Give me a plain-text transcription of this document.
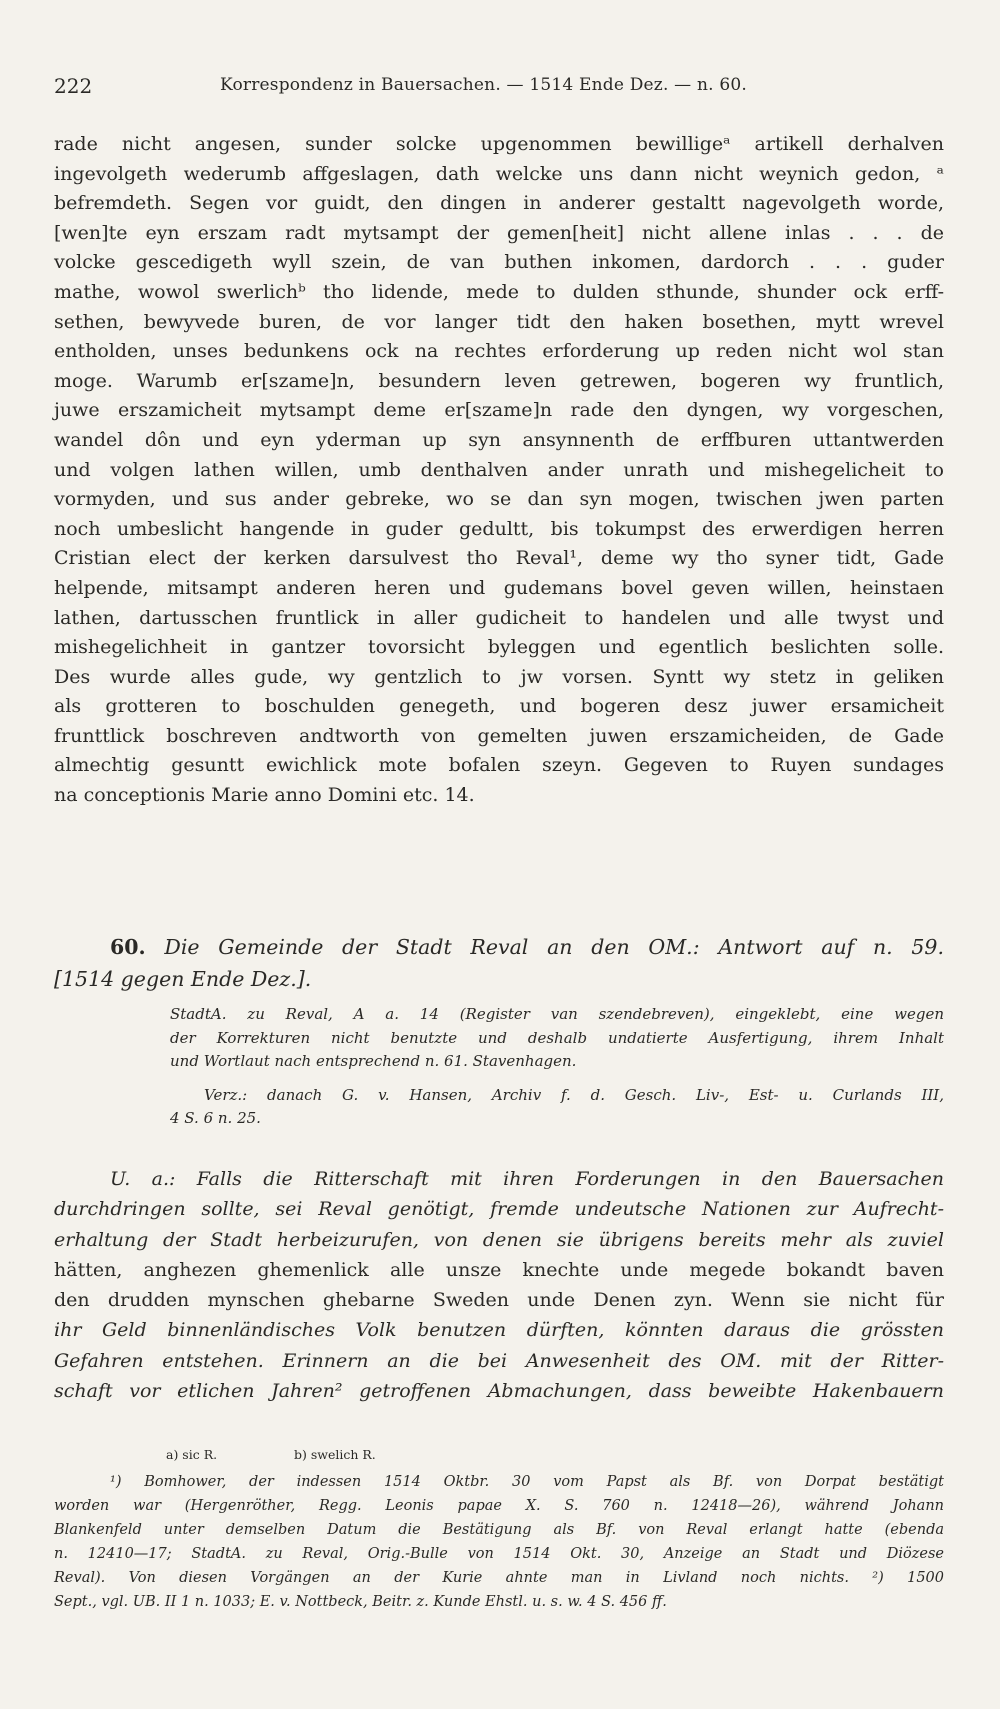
222	Korrespondenz in Bauersachen. — 1514 Ende Dez. — n. 60.
rade nicht angesen, sunder solcke upgenommen bewilligeᵃ artikell derhalven
ingevolgeth wederumb affgeslagen, dath welcke uns dann nicht weynich gedon, ᵃ
befremdeth. Segen vor guidt, den dingen in anderer gestaltt nagevolgeth worde,
[wen]te eyn erszam radt mytsampt der gemen[heit] nicht allene inlas . . . de
volcke gescedigeth wyll szein, de van buthen inkomen, dardorch . . . guder
mathe, wowol swerlichᵇ tho lidende, mede to dulden sthunde, shunder ock erff-
sethen, bewyvede buren, de vor langer tidt den haken bosethen, mytt wrevel
entholden, unses bedunkens ock na rechtes erforderung up reden nicht wol stan
moge. Warumb er[szame]n, besundern leven getrewen, bogeren wy fruntlich,
juwe erszamicheit mytsampt deme er[szame]n rade den dyngen, wy vorgeschen,
wandel dôn und eyn yderman up syn ansynnenth de erffburen uttantwerden
und volgen lathen willen, umb denthalven ander unrath und mishegelicheit to
vormyden, und sus ander gebreke, wo se dan syn mogen, twischen jwen parten
noch umbeslicht hangende in guder gedultt, bis tokumpst des erwerdigen herren
Cristian elect der kerken darsulvest tho Reval¹, deme wy tho syner tidt, Gade
helpende, mitsampt anderen heren und gudemans bovel geven willen, heinstaen
lathen, dartusschen fruntlick in aller gudicheit to handelen und alle twyst und
mishegelichheit in gantzer tovorsicht byleggen und egentlich beslichten solle.
Des wurde alles gude, wy gentzlich to jw vorsen. Syntt wy stetz in geliken
als grotteren to boschulden genegeth, und bogeren desz juwer ersamicheit
frunttlick boschreven andtworth von gemelten juwen erszamicheiden, de Gade
almechtig gesuntt ewichlick mote bofalen szeyn. Gegeven to Ruyen sundages
na conceptionis Marie anno Domini etc. 14.
60. Die Gemeinde der Stadt Reval an den OM.: Antwort auf n. 59.
[1514 gegen Ende Dez.].
StadtA. zu Reval, A a. 14 (Register van szendebreven), eingeklebt, eine wegen
der Korrekturen nicht benutzte und deshalb undatierte Ausfertigung, ihrem Inhalt
und Wortlaut nach entsprechend n. 61. Stavenhagen.
Verz.: danach G. v. Hansen, Archiv f. d. Gesch. Liv-, Est- u. Curlands III,
4 S. 6 n. 25.
U. a.: Falls die Ritterschaft mit ihren Forderungen in den Bauersachen
durchdringen sollte, sei Reval genötigt, fremde undeutsche Nationen zur Aufrecht-
erhaltung der Stadt herbeizurufen, von denen sie übrigens bereits mehr als zuviel
hätten, anghezen ghemenlick alle unsze knechte unde megede bokandt baven
den drudden mynschen ghebarne Sweden unde Denen zyn. Wenn sie nicht für
ihr Geld binnenländisches Volk benutzen dürften, könnten daraus die grössten
Gefahren entstehen. Erinnern an die bei Anwesenheit des OM. mit der Ritter-
schaft vor etlichen Jahren² getroffenen Abmachungen, dass beweibte Hakenbauern
a) sic R.	b) swelich R.
¹) Bomhower, der indessen 1514 Oktbr. 30 vom Papst als Bf. von Dorpat bestätigt
worden war (Hergenröther, Regg. Leonis papae X. S. 760 n. 12418—26), während Johann
Blankenfeld unter demselben Datum die Bestätigung als Bf. von Reval erlangt hatte (ebenda
n. 12410—17; StadtA. zu Reval, Orig.-Bulle von 1514 Okt. 30, Anzeige an Stadt und Diözese
Reval). Von diesen Vorgängen an der Kurie ahnte man in Livland noch nichts. ²) 1500
Sept., vgl. UB. II 1 n. 1033; E. v. Nottbeck, Beitr. z. Kunde Ehstl. u. s. w. 4 S. 456 ff.
